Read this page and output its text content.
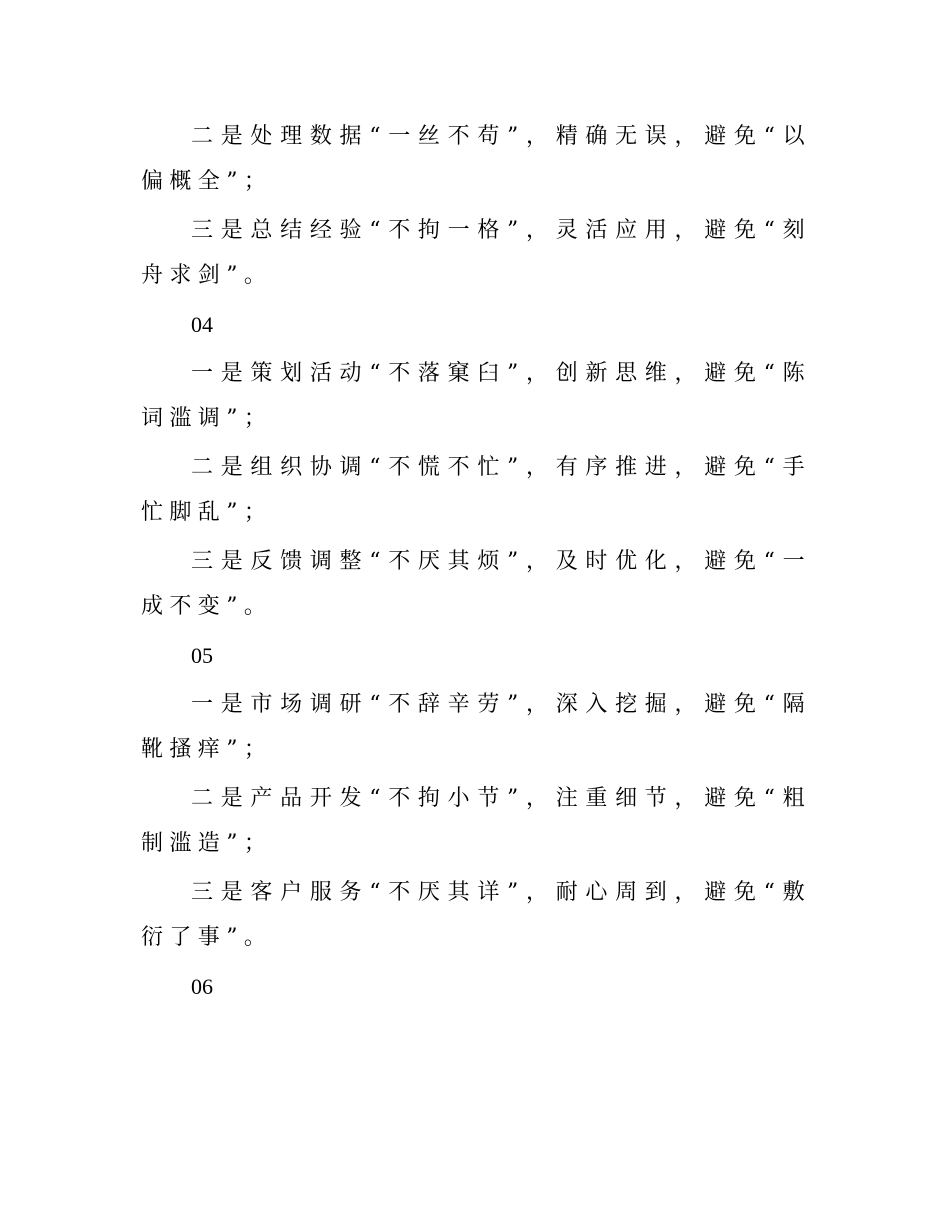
二是处理数据“一丝不苟”，精确无误，避免“以偏概全”；

三是总结经验“不拘一格”，灵活应用，避免“刻舟求剑”。

04

一是策划活动“不落窠臼”，创新思维，避免“陈词滥调”；

二是组织协调“不慌不忙”，有序推进，避免“手忙脚乱”；

三是反馈调整“不厌其烦”，及时优化，避免“一成不变”。

05

一是市场调研“不辞辛劳”，深入挖掘，避免“隔靴搔痒”；

二是产品开发“不拘小节”，注重细节，避免“粗制滥造”；

三是客户服务“不厌其详”，耐心周到，避免“敷衍了事”。

06
